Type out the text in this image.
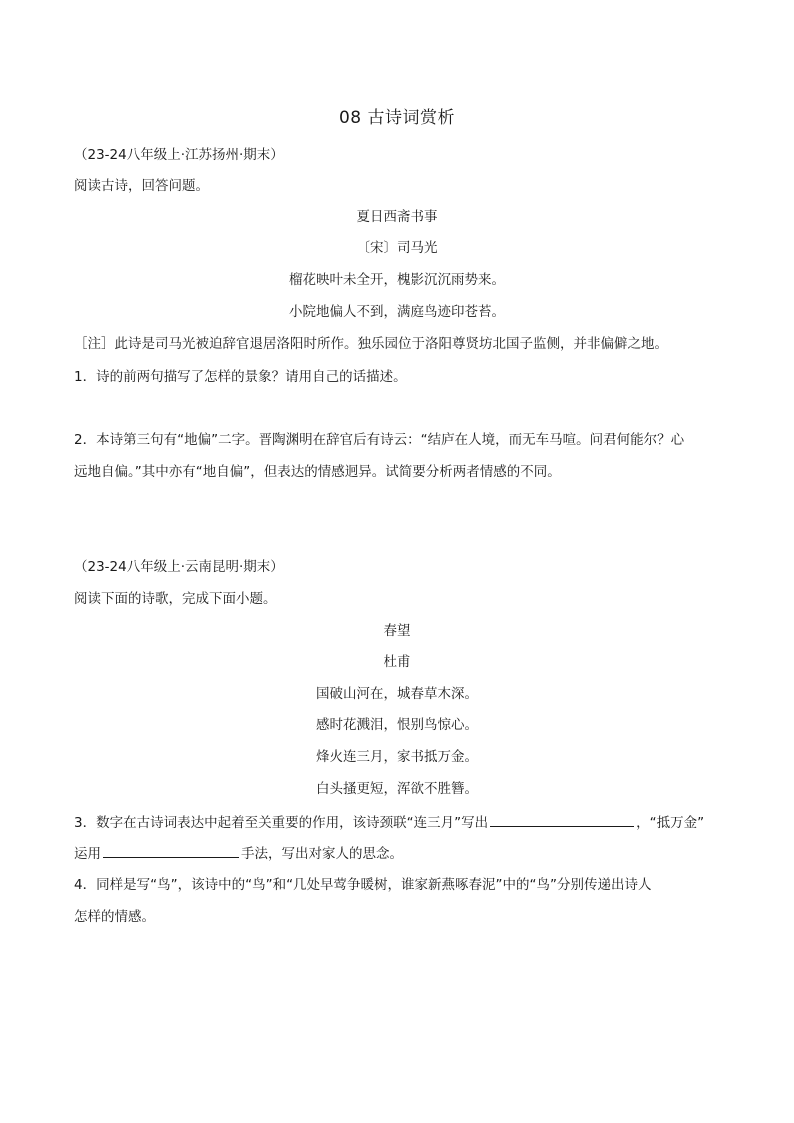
08 古诗词赏析
（23-24八年级上·江苏扬州·期末）
阅读古诗，回答问题。
夏日西斋书事
〔宋〕司马光
榴花映叶未全开，槐影沉沉雨势来。
小院地偏人不到，满庭鸟迹印苍苔。
［注］此诗是司马光被迫辞官退居洛阳时所作。独乐园位于洛阳尊贤坊北国子监侧，并非偏僻之地。
1．诗的前两句描写了怎样的景象？请用自己的话描述。
2．本诗第三句有“地偏”二字。晋陶渊明在辞官后有诗云：“结庐在人境，而无车马喧。问君何能尔？心
远地自偏。”其中亦有“地自偏”，但表达的情感迥异。试简要分析两者情感的不同。
（23-24八年级上·云南昆明·期末）
阅读下面的诗歌，完成下面小题。
春望
杜甫
国破山河在，城春草木深。
感时花溅泪，恨别鸟惊心。
烽火连三月，家书抵万金。
白头搔更短，浑欲不胜簪。
3．数字在古诗词表达中起着至关重要的作用，该诗颈联“连三月”写出	，“抵万金”
运用	手法，写出对家人的思念。
4．同样是写“鸟”，该诗中的“鸟”和“几处早莺争暖树，谁家新燕啄春泥”中的“鸟”分别传递出诗人
怎样的情感。
